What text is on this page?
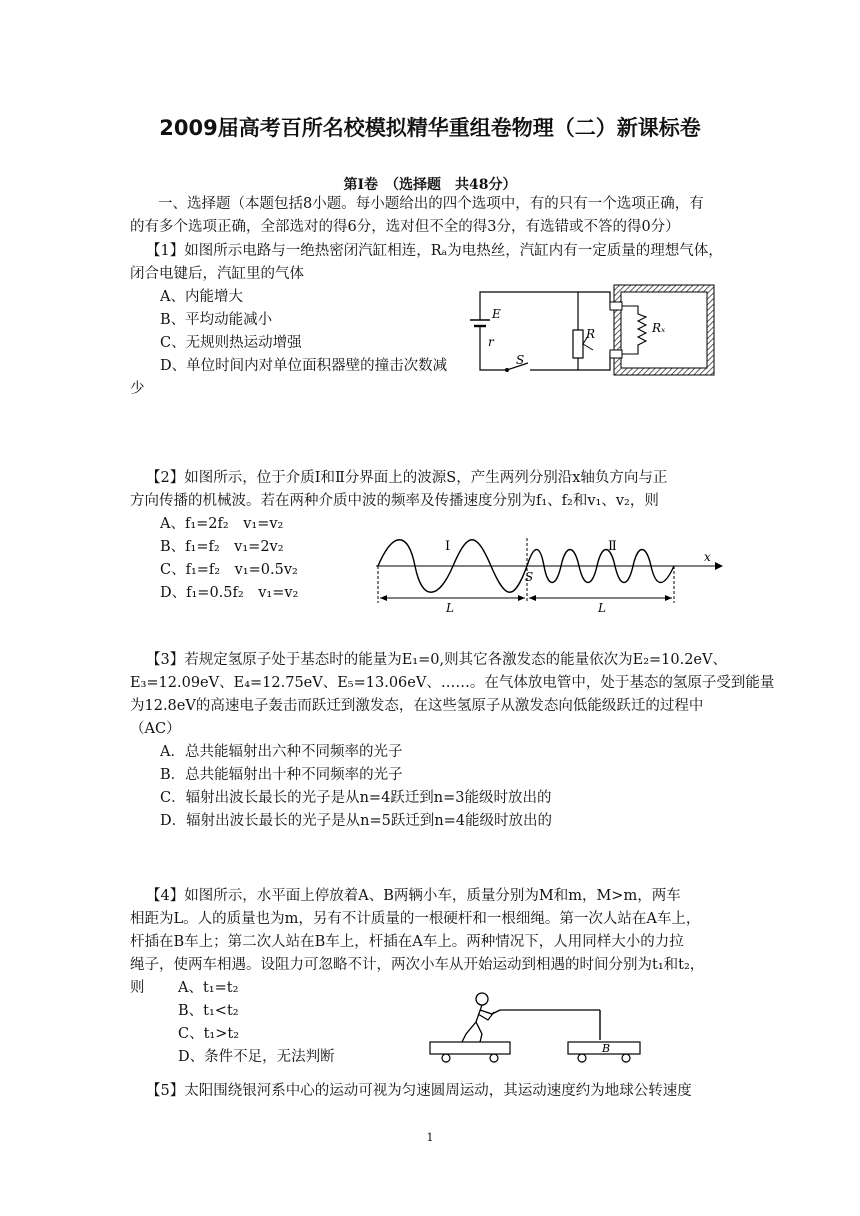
2009届高考百所名校模拟精华重组卷物理（二）新课标卷
第Ⅰ卷　（选择题　共48分）
一、选择题（本题包括8小题。每小题给出的四个选项中，有的只有一个选项正确，有
的有多个选项正确，全部选对的得6分，选对但不全的得3分，有选错或不答的得0分）
【1】如图所示电路与一绝热密闭汽缸相连，Rₐ为电热丝，汽缸内有一定质量的理想气体，
闭合电键后，汽缸里的气体
A、内能增大
B、平均动能减小
C、无规则热运动增强
D、单位时间内对单位面积器壁的撞击次数减
少
E
r
R
S
Rₓ
【2】如图所示，位于介质Ⅰ和Ⅱ分界面上的波源S，产生两列分别沿x轴负方向与正
方向传播的机械波。若在两种介质中波的频率及传播速度分别为f₁、f₂和v₁、v₂，则
A、f₁=2f₂　v₁=v₂
B、f₁=f₂　v₁=2v₂
C、f₁=f₂　v₁=0.5v₂
D、f₁=0.5f₂　v₁=v₂
Ⅰ	Ⅱ
x
S
L	L
【3】若规定氢原子处于基态时的能量为E₁=0,则其它各激发态的能量依次为E₂=10.2eV、
E₃=12.09eV、E₄=12.75eV、E₅=13.06eV、……。在气体放电管中，处于基态的氢原子受到能量
为12.8eV的高速电子轰击而跃迁到激发态，在这些氢原子从激发态向低能级跃迁的过程中
（AC）
A．总共能辐射出六种不同频率的光子
B．总共能辐射出十种不同频率的光子
C．辐射出波长最长的光子是从n=4跃迁到n=3能级时放出的
D．辐射出波长最长的光子是从n=5跃迁到n=4能级时放出的
【4】如图所示，水平面上停放着A、B两辆小车，质量分别为M和m，M>m，两车
相距为L。人的质量也为m，另有不计质量的一根硬杆和一根细绳。第一次人站在A车上，
杆插在B车上；第二次人站在B车上，杆插在A车上。两种情况下，人用同样大小的力拉
绳子，使两车相遇。设阻力可忽略不计，两次小车从开始运动到相遇的时间分别为t₁和t₂，
则 A、t₁=t₂
B、t₁<t₂
C、t₁>t₂
D、条件不足，无法判断
B
【5】太阳围绕银河系中心的运动可视为匀速圆周运动，其运动速度约为地球公转速度
1
